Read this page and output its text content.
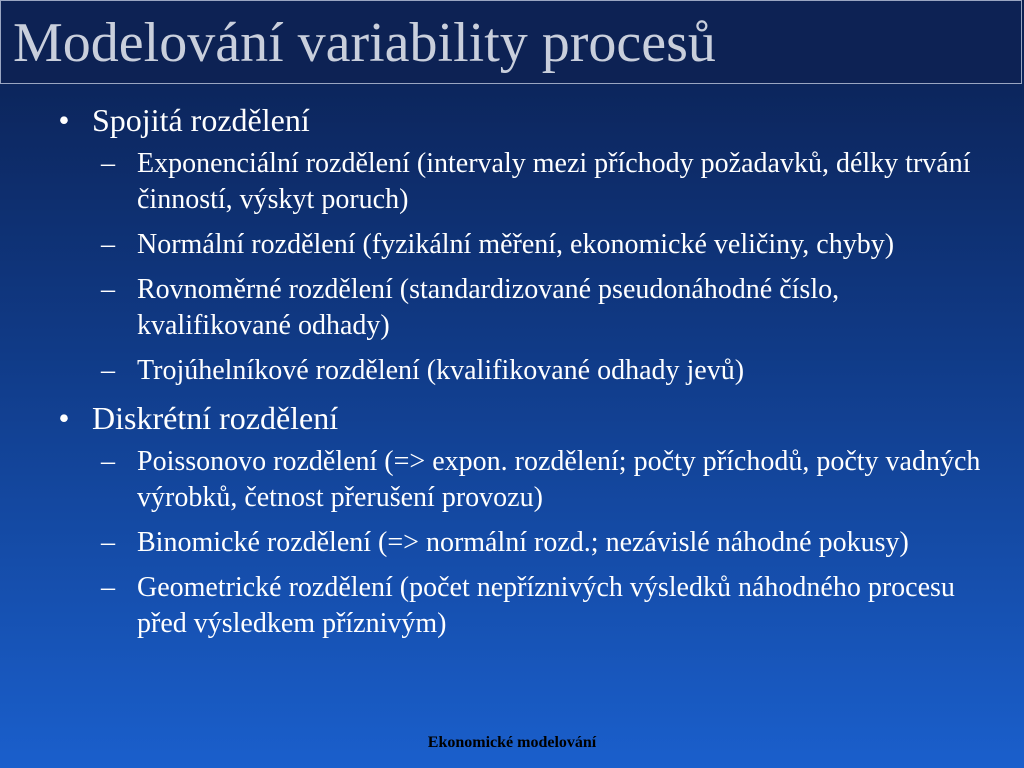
Modelování variability procesů
• Spojitá rozdělení
– Exponenciální rozdělení (intervaly mezi příchody požadavků, délky trvání činností, výskyt poruch)
– Normální rozdělení (fyzikální měření, ekonomické veličiny, chyby)
– Rovnoměrné rozdělení (standardizované pseudonáhodné číslo, kvalifikované odhady)
– Trojúhelníkové rozdělení (kvalifikované odhady jevů)
• Diskrétní rozdělení
– Poissonovo rozdělení (=> expon. rozdělení; počty příchodů, počty vadných výrobků, četnost přerušení provozu)
– Binomické rozdělení (=> normální rozd.; nezávislé náhodné pokusy)
– Geometrické rozdělení (počet nepříznivých výsledků náhodného procesu před výsledkem příznivým)
Ekonomické modelování
